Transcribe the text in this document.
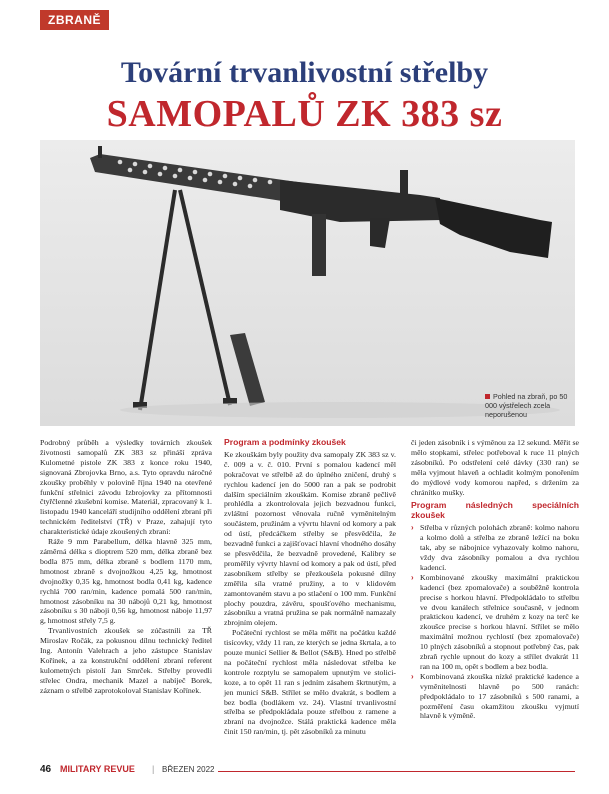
ZBRANĚ
Tovární trvanlivostní střelby
SAMOPALŮ ZK 383 sz
Pohled na zbraň, po 50 000 výstřelech zcela neporušenou

Podrobný průběh a výsledky továrních zkoušek životnosti samopalů ZK 383 sz přináší zpráva Kulometné pistole ZK 383 z konce roku 1940, signovaná Zbrojovka Brno, a.s. Tyto opravdu náročné zkoušky proběhly v polovině října 1940 na otevřené funkční střelnici závodu Izbrojovky za přítomnosti čtyřčlenné zkušební komise. Materiál, zpracovaný k 1. listopadu 1940 kanceláří studijního oddělení zbraní při technickém ředitelství (TŘ) v Praze, zahajují tyto charakteristické údaje zkoušených zbraní:

Ráže 9 mm Parabellum, délka hlavně 325 mm, záměrná délka s dioptrem 520 mm, délka zbraně bez bodla 875 mm, délka zbraně s bodlem 1170 mm, hmotnost zbraně s dvojnožkou 4,25 kg, hmotnost dvojnožky 0,35 kg, hmotnost bodla 0,41 kg, kadence rychlá 700 ran/min, kadence pomalá 500 ran/min, hmotnost zásobníku na 30 nábojů 0,21 kg, hmotnost zásobníku s 30 náboji 0,56 kg, hmotnost náboje 11,97 g, hmotnost střely 7,5 g.

Trvanlivostních zkoušek se zúčastnili za TŘ Miroslav Ročák, za pokusnou dílnu technický ředitel Ing. Antonín Valehrach a jeho zástupce Stanislav Kořínek, a za konstrukční oddělení zbraní referent kulometných pistolí Jan Smrček. Střelby provedli střelec Ondra, mechanik Mazel a nabíječ Borek, záznam o střelbě zaprotokoloval Stanislav Kořínek.

Program a podmínky zkoušek

Ke zkouškám byly použity dva samopaly ZK 383 sz v. č. 009 a v. č. 010. První s pomalou kadencí měl pokračovat ve střelbě až do úplného zničení, druhý s rychlou kadencí jen do 5000 ran a pak se podrobit dalším speciálním zkouškám. Komise zbraně pečlivě prohlédla a zkontrolovala jejich bezvadnou funkci, zvláštní pozornost věnovala ručně vyměnitelným součástem, pružinám a vývrtu hlavní od komory a pak od ústí, předcáčkem střelby se přesvědčila, že bezvadně funkci a zajišťovací hlavní vhodného dosáhy se přesvědčila, že bezvadně provedené, Kalibry se proměřily vývrty hlavní od komory a pak od ústí, před zasobníkem střelby se přezkoušela pokusné dílny změřila síla vratné pružiny, a to v klidovém zamontovaném stavu a po stlačení o 100 mm. Funkční plochy pouzdra, závěru, spoušťového mechanismu, zásobníku a vratná pružina se pak normálně namazaly zbrojním olejem.

Počáteční rychlost se měla měřit na počátku každé tisícovky, vždy 11 ran, ze kterých se jedna škrtala, a to pouze municí Sellier & Bellot (S&B). Hned po střelbě na počáteční rychlost měla následovat střelba ke kontrole rozptylu se samopalem upnutým ve stolici-koze, a to opět 11 ran s jedním zásahem škrtnutým, a jen municí S&B. Střílet se mělo dvakrát, s bodlem a bez bodla (bodlákem vz. 24). Vlastní trvanlivostní střelba se předpokládala pouze střelbou z ramene a zbraní na dvojnožce. Stálá praktická kadence měla činit 150 ran/min, tj. pět zásobníků za minutu

či jeden zásobník i s výměnou za 12 sekund. Měřit se mělo stopkami, střelec potřeboval k ruce 11 plných zásobníků. Po odstřelení celé dávky (330 ran) se měla vyjmout hlaveň a ochladit kolmým ponořením do mýdlové vody komorou napřed, s držením za chránítko mušky.

Program následných speciálních zkoušek
› Střelba v různých polohách zbraně: kolmo nahoru a kolmo dolů a střelba ze zbraně ležící na boku tak, aby se nábojnice vyhazovaly kolmo nahoru, vždy dva zásobníky pomalou a dva rychlou kadencí.
› Kombinované zkoušky maximální praktickou kadencí (bez zpomalovače) a souběžně kontrola precise s horkou hlavní. Předpokládalo to střelbu ve dvou kanálech střelnice současně, v jednom praktickou kadencí, ve druhém z kozy na terč ke zkoušce precise s horkou hlavní. Střílet se mělo maximální možnou rychlostí (bez zpomalovače) 10 plných zásobníků a stopnout potřebný čas, pak zbraň rychle upnout do kozy a střílet dvakrát 11 ran na 100 m, opět s bodlem a bez bodla.
› Kombinovaná zkouška nízké praktické kadence a vyměnitelnosti hlavně po 500 ranách: předpokládalo to 17 zásobníků s 500 ranami, a pozměření času okamžitou zkoušku vyjmutí hlavně k výměně.
46 MILITARY REVUE | BŘEZEN 2022
